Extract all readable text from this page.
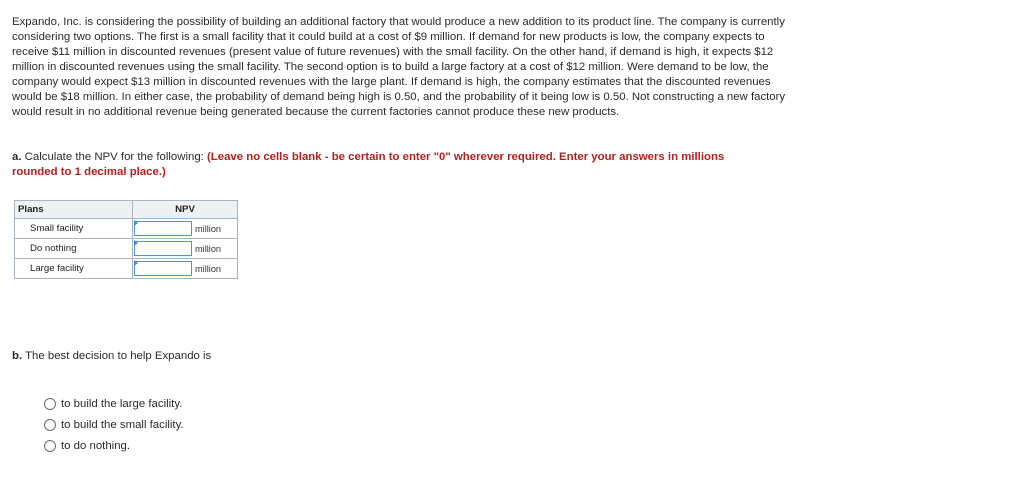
Expando, Inc. is considering the possibility of building an additional factory that would produce a new addition to its product line. The company is currently considering two options. The first is a small facility that it could build at a cost of $9 million. If demand for new products is low, the company expects to receive $11 million in discounted revenues (present value of future revenues) with the small facility. On the other hand, if demand is high, it expects $12 million in discounted revenues using the small facility. The second option is to build a large factory at a cost of $12 million. Were demand to be low, the company would expect $13 million in discounted revenues with the large plant. If demand is high, the company estimates that the discounted revenues would be $18 million. In either case, the probability of demand being high is 0.50, and the probability of it being low is 0.50. Not constructing a new factory would result in no additional revenue being generated because the current factories cannot produce these new products.

a. Calculate the NPV for the following: (Leave no cells blank - be certain to enter "0" wherever required. Enter your answers in millions rounded to 1 decimal place.)

Plans	NPV	
Small facility		million
Do nothing		million
Large facility		million
b. The best decision to help Expando is
to build the large facility.
to build the small facility.
to do nothing.
